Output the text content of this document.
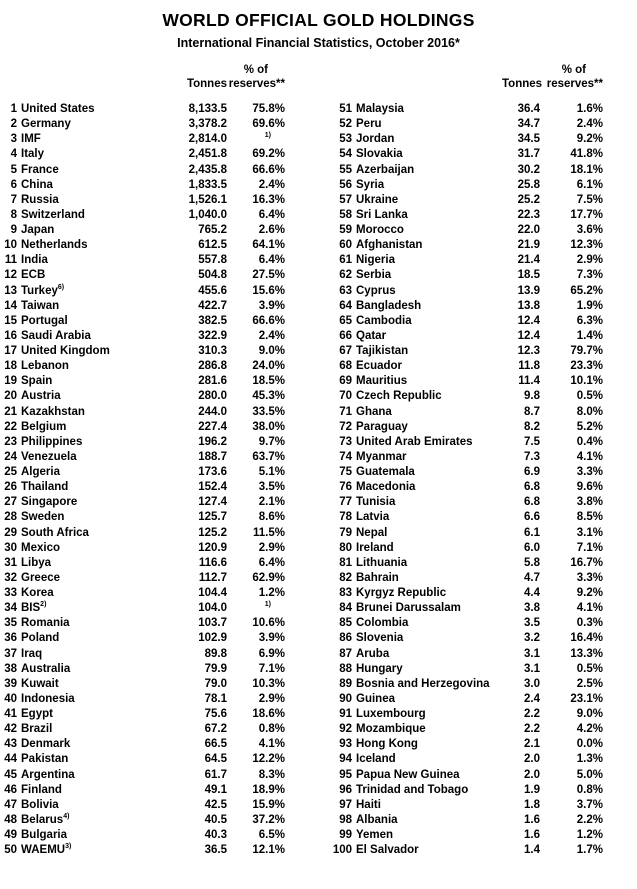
WORLD OFFICIAL GOLD HOLDINGS
International Financial Statistics, October 2016*
% of
Tonnes reserves**
1 United States	8,133.5	75.8%
2 Germany	3,378.2	69.6%
3 IMF	2,814.0	$^{1)}$
4 Italy	2,451.8	69.2%
5 France	2,435.8	66.6%
6 China	1,833.5	2.4%
7 Russia	1,526.1	16.3%
8 Switzerland	1,040.0	6.4%
9 Japan	765.2	2.6%
10 Netherlands	612.5	64.1%
11 India	557.8	6.4%
12 ECB	504.8	27.5%
13 Turkey$^{6)}$	455.6	15.6%
14 Taiwan	422.7	3.9%
15 Portugal	382.5	66.6%
16 Saudi Arabia	322.9	2.4%
17 United Kingdom	310.3	9.0%
18 Lebanon	286.8	24.0%
19 Spain	281.6	18.5%
20 Austria	280.0	45.3%
21 Kazakhstan	244.0	33.5%
22 Belgium	227.4	38.0%
23 Philippines	196.2	9.7%
24 Venezuela	188.7	63.7%
25 Algeria	173.6	5.1%
26 Thailand	152.4	3.5%
27 Singapore	127.4	2.1%
28 Sweden	125.7	8.6%
29 South Africa	125.2	11.5%
30 Mexico	120.9	2.9%
31 Libya	116.6	6.4%
32 Greece	112.7	62.9%
33 Korea	104.4	1.2%
34 BIS$^{2)}$	104.0	$^{1)}$
35 Romania	103.7	10.6%
36 Poland	102.9	3.9%
37 Iraq	89.8	6.9%
38 Australia	79.9	7.1%
39 Kuwait	79.0	10.3%
40 Indonesia	78.1	2.9%
41 Egypt	75.6	18.6%
42 Brazil	67.2	0.8%
43 Denmark	66.5	4.1%
44 Pakistan	64.5	12.2%
45 Argentina	61.7	8.3%
46 Finland	49.1	18.9%
47 Bolivia	42.5	15.9%
48 Belarus$^{4)}$	40.5	37.2%
49 Bulgaria	40.3	6.5%
50 WAEMU$^{3)}$	36.5	12.1%
% of
Tonnes reserves**
51 Malaysia	36.4	1.6%
52 Peru	34.7	2.4%
53 Jordan	34.5	9.2%
54 Slovakia	31.7	41.8%
55 Azerbaijan	30.2	18.1%
56 Syria	25.8	6.1%
57 Ukraine	25.2	7.5%
58 Sri Lanka	22.3	17.7%
59 Morocco	22.0	3.6%
60 Afghanistan	21.9	12.3%
61 Nigeria	21.4	2.9%
62 Serbia	18.5	7.3%
63 Cyprus	13.9	65.2%
64 Bangladesh	13.8	1.9%
65 Cambodia	12.4	6.3%
66 Qatar	12.4	1.4%
67 Tajikistan	12.3	79.7%
68 Ecuador	11.8	23.3%
69 Mauritius	11.4	10.1%
70 Czech Republic	9.8	0.5%
71 Ghana	8.7	8.0%
72 Paraguay	8.2	5.2%
73 United Arab Emirates	7.5	0.4%
74 Myanmar	7.3	4.1%
75 Guatemala	6.9	3.3%
76 Macedonia	6.8	9.6%
77 Tunisia	6.8	3.8%
78 Latvia	6.6	8.5%
79 Nepal	6.1	3.1%
80 Ireland	6.0	7.1%
81 Lithuania	5.8	16.7%
82 Bahrain	4.7	3.3%
83 Kyrgyz Republic	4.4	9.2%
84 Brunei Darussalam	3.8	4.1%
85 Colombia	3.5	0.3%
86 Slovenia	3.2	16.4%
87 Aruba	3.1	13.3%
88 Hungary	3.1	0.5%
89 Bosnia and Herzegovina	3.0	2.5%
90 Guinea	2.4	23.1%
91 Luxembourg	2.2	9.0%
92 Mozambique	2.2	4.2%
93 Hong Kong	2.1	0.0%
94 Iceland	2.0	1.3%
95 Papua New Guinea	2.0	5.0%
96 Trinidad and Tobago	1.9	0.8%
97 Haiti	1.8	3.7%
98 Albania	1.6	2.2%
99 Yemen	1.6	1.2%
100 El Salvador	1.4	1.7%
